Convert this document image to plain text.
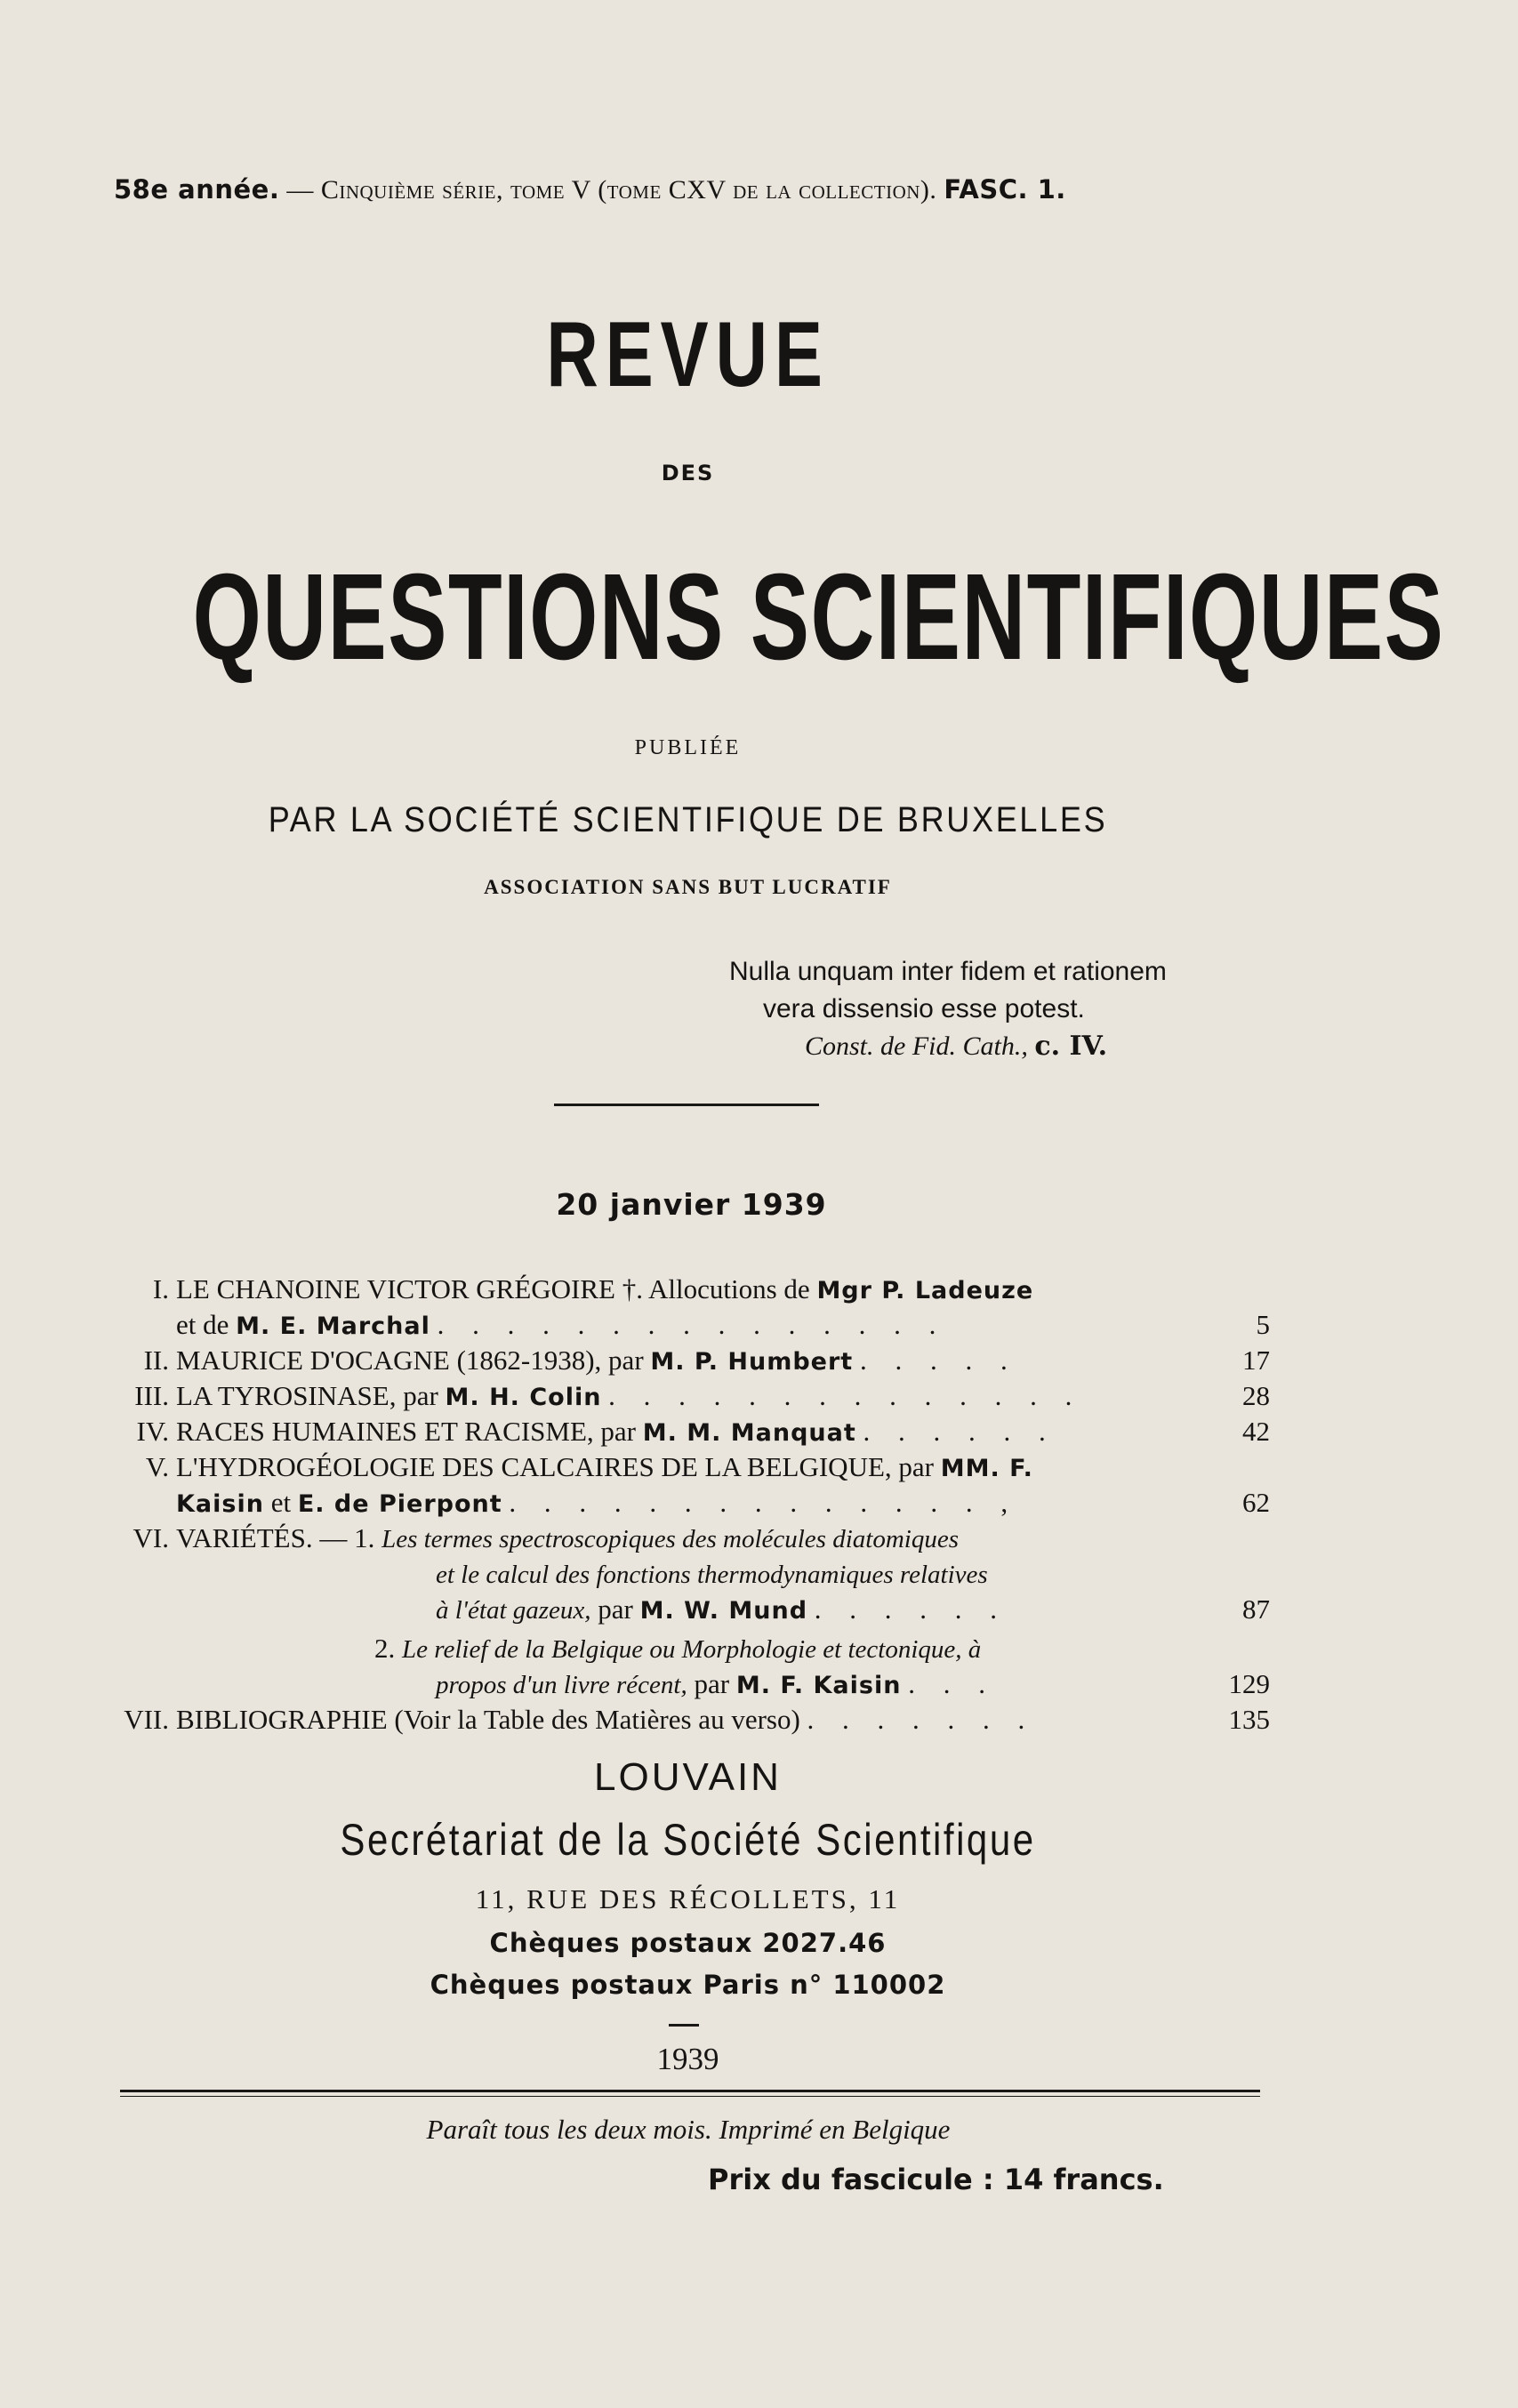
58e année. — Cinquième série, tome V (tome CXV de la collection). FASC. 1.
REVUE
DES
QUESTIONS SCIENTIFIQUES
PUBLIÉE
PAR LA SOCIÉTÉ SCIENTIFIQUE DE BRUXELLES
ASSOCIATION SANS BUT LUCRATIF
Nulla unquam inter fidem et rationem
vera dissensio esse potest.
Const. de Fid. Cath., c. IV.
20 janvier 1939
I. LE CHANOINE VICTOR GRÉGOIRE †. Allocutions de Mgr P. Ladeuze
et de M. E. Marchal . . . . . . . . . . . . . . .	5
II. MAURICE D'OCAGNE (1862-1938), par M. P. Humbert . . . . .	17
III. LA TYROSINASE, par M. H. Colin . . . . . . . . . . . . . .	28
IV. RACES HUMAINES ET RACISME, par M. M. Manquat . . . . . .	42
V. L'HYDROGÉOLOGIE DES CALCAIRES DE LA BELGIQUE, par MM. F.
Kaisin et E. de Pierpont . . . . . . . . . . . . . . ,	62
VI. VARIÉTÉS. — 1. Les termes spectroscopiques des molécules diatomiques
et le calcul des fonctions thermodynamiques relatives
à l'état gazeux, par M. W. Mund . . . . . .	87
2. Le relief de la Belgique ou Morphologie et tectonique, à
propos d'un livre récent, par M. F. Kaisin . . .	129
VII. BIBLIOGRAPHIE (Voir la Table des Matières au verso) . . . . . . .	135
LOUVAIN
Secrétariat de la Société Scientifique
11, RUE DES RÉCOLLETS, 11
Chèques postaux 2027.46
Chèques postaux Paris n° 110002
1939
Paraît tous les deux mois. Imprimé en Belgique
Prix du fascicule : 14 francs.
